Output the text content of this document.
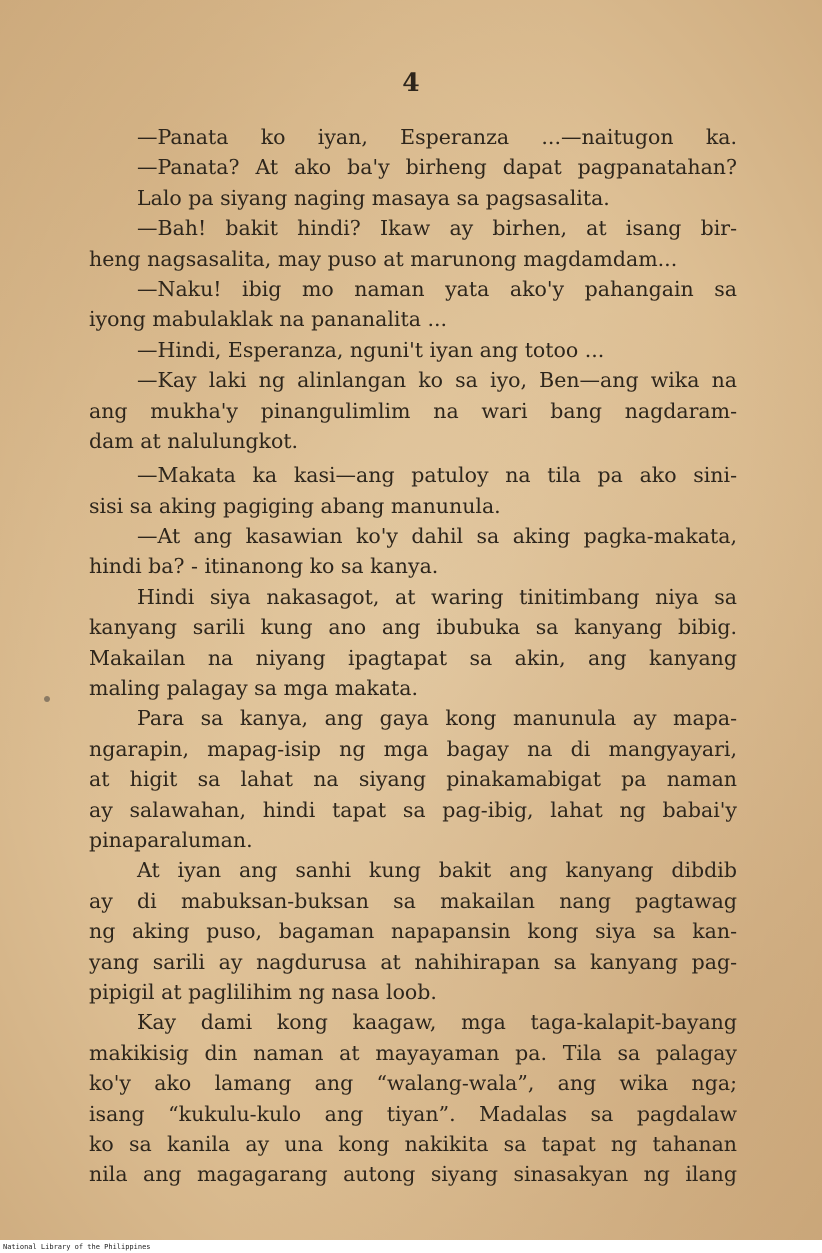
4
—Panata ko iyan, Esperanza ...—naitugon ka.
—Panata? At ako ba'y birheng dapat pagpanatahan?
Lalo pa siyang naging masaya sa pagsasalita.
—Bah! bakit hindi? Ikaw ay birhen, at isang bir-
heng nagsasalita, may puso at marunong magdamdam...
—Naku! ibig mo naman yata ako'y pahangain sa
iyong mabulaklak na pananalita ...
—Hindi, Esperanza, nguni't iyan ang totoo ...
—Kay laki ng alinlangan ko sa iyo, Ben—ang wika na
ang mukha'y pinangulimlim na wari bang nagdaram-
dam at nalulungkot.
—Makata ka kasi—ang patuloy na tila pa ako sini-
sisi sa aking pagiging abang manunula.
—At ang kasawian ko'y dahil sa aking pagka-makata,
hindi ba? - itinanong ko sa kanya.
Hindi siya nakasagot, at waring tinitimbang niya sa
kanyang sarili kung ano ang ibubuka sa kanyang bibig.
Makailan na niyang ipagtapat sa akin, ang kanyang
maling palagay sa mga makata.
Para sa kanya, ang gaya kong manunula ay mapa-
ngarapin, mapag-isip ng mga bagay na di mangyayari,
at higit sa lahat na siyang pinakamabigat pa naman
ay salawahan, hindi tapat sa pag-ibig, lahat ng babai'y
pinaparaluman.
At iyan ang sanhi kung bakit ang kanyang dibdib
ay di mabuksan-buksan sa makailan nang pagtawag
ng aking puso, bagaman napapansin kong siya sa kan-
yang sarili ay nagdurusa at nahihirapan sa kanyang pag-
pipigil at paglilihim ng nasa loob.
Kay dami kong kaagaw, mga taga-kalapit-bayang
makikisig din naman at mayayaman pa. Tila sa palagay
ko'y ako lamang ang “walang-wala”, ang wika nga;
isang “kukulu-kulo ang tiyan”. Madalas sa pagdalaw
ko sa kanila ay una kong nakikita sa tapat ng tahanan
nila ang magagarang autong siyang sinasakyan ng ilang
National Library of the Philippines
